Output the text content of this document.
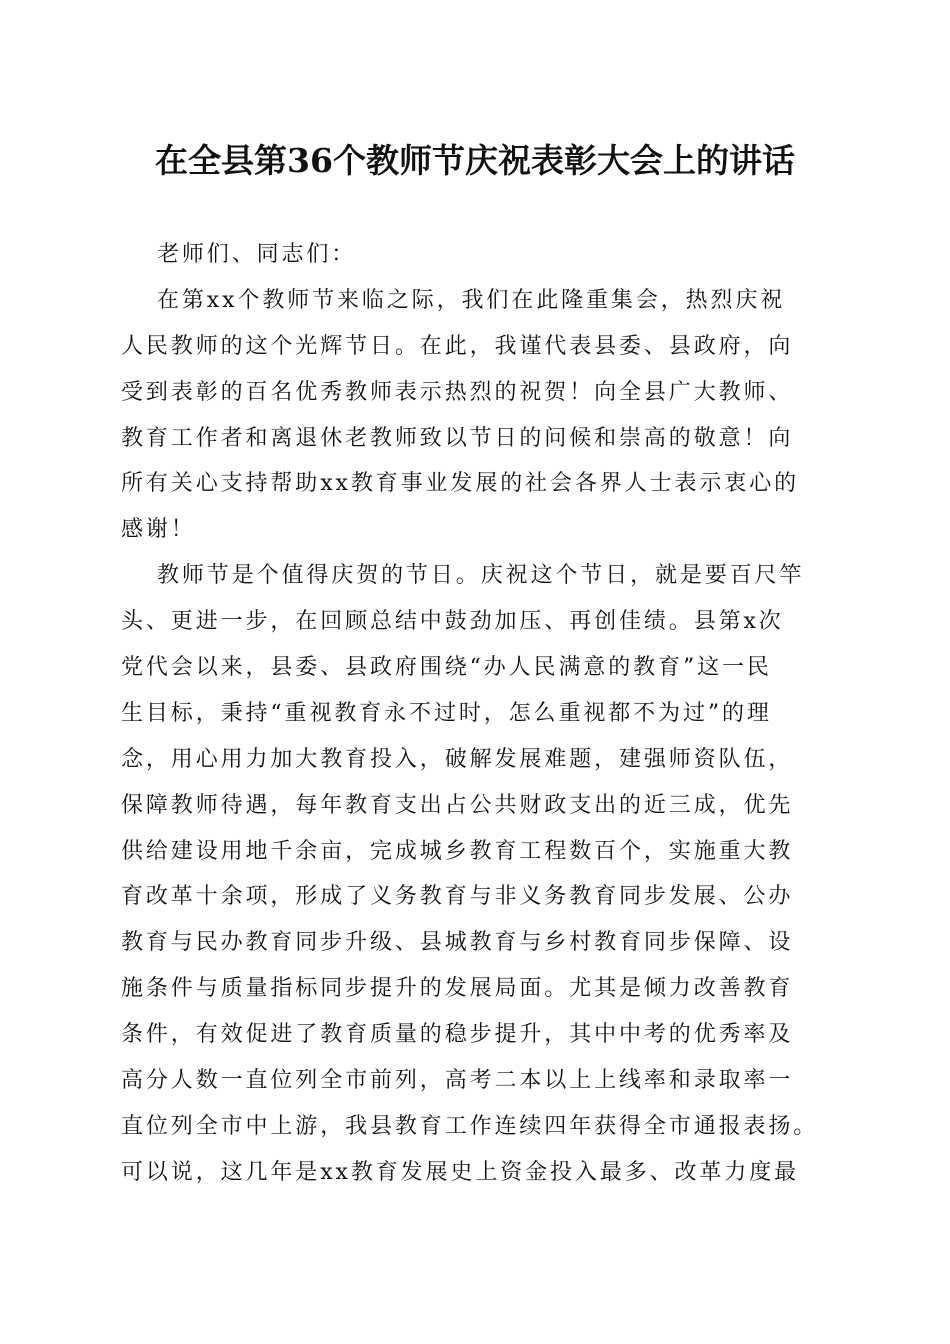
在全县第36个教师节庆祝表彰大会上的讲话
老师们、同志们：
在第xx个教师节来临之际，我们在此隆重集会，热烈庆祝
人民教师的这个光辉节日。在此，我谨代表县委、县政府，向
受到表彰的百名优秀教师表示热烈的祝贺！向全县广大教师、
教育工作者和离退休老教师致以节日的问候和崇高的敬意！向
所有关心支持帮助xx教育事业发展的社会各界人士表示衷心的
感谢！
教师节是个值得庆贺的节日。庆祝这个节日，就是要百尺竿
头、更进一步，在回顾总结中鼓劲加压、再创佳绩。县第x次
党代会以来，县委、县政府围绕“办人民满意的教育”这一民
生目标，秉持“重视教育永不过时，怎么重视都不为过”的理
念，用心用力加大教育投入，破解发展难题，建强师资队伍，
保障教师待遇，每年教育支出占公共财政支出的近三成，优先
供给建设用地千余亩，完成城乡教育工程数百个，实施重大教
育改革十余项，形成了义务教育与非义务教育同步发展、公办
教育与民办教育同步升级、县城教育与乡村教育同步保障、设
施条件与质量指标同步提升的发展局面。尤其是倾力改善教育
条件，有效促进了教育质量的稳步提升，其中中考的优秀率及
高分人数一直位列全市前列，高考二本以上上线率和录取率一
直位列全市中上游，我县教育工作连续四年获得全市通报表扬。
可以说，这几年是xx教育发展史上资金投入最多、改革力度最
